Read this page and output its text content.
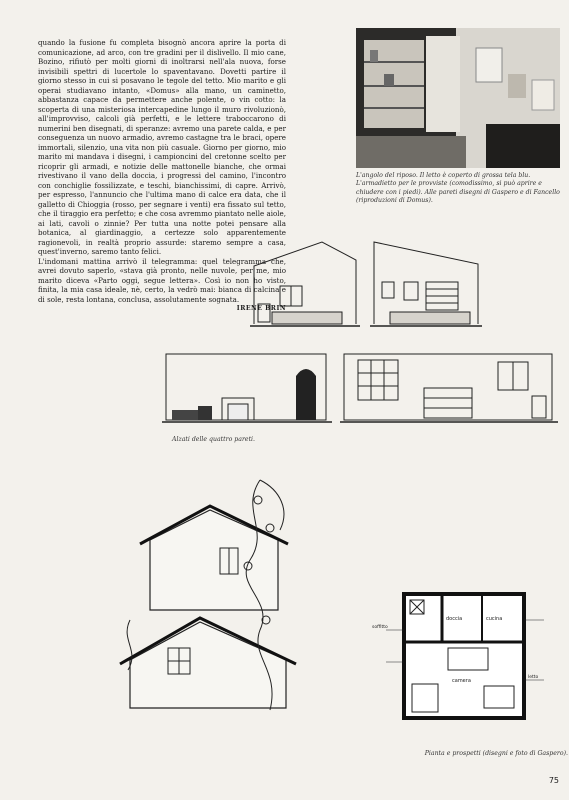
quando la fusione fu completa bisognò ancora aprire la porta di comunicazione, ad arco, con tre gradini per il dislivello. Il mio cane, Bozino, rifiutò per molti giorni di inoltrarsi nell'ala nuova, forse invisibili spettri di lucertole lo spaventavano. Dovetti partire il giorno stesso in cui si posavano le tegole del tetto. Mio marito e gli operai studiavano intanto, «Domus» alla mano, un caminetto, abbastanza capace da permettere anche polente, o vin cotto: la scoperta di una misteriosa intercapedine lungo il muro rivoluzionò, all'improvviso, calcoli già perfetti, e le lettere traboccarono di numerini ben disegnati, di speranze: avremo una parete calda, e per conseguenza un nuovo armadio, avremo castagne tra le braci, opere immortali, silenzio, una vita non più casuale. Giorno per giorno, mio marito mi mandava i disegni, i campioncini del cretonne scelto per ricoprir gli armadi, e notizie delle mattonelle bianche, che ormai rivestivano il vano della doccia, i progressi del camino, l'incontro con conchiglie fossilizzate, e teschi, bianchissimi, di capre. Arrivò, per espresso, l'annuncio che l'ultima mano di calce era data, che il galletto di Chioggia (rosso, per segnare i venti) era fissato sul tetto, che il tiraggio era perfetto; e che cosa avremmo piantato nelle aiole, ai lati, cavoli o zinnie? Per tutta una notte potei pensare alla botanica, al giardinaggio, a certezze solo apparentemente ragionevoli, in realtà proprio assurde: staremo sempre a casa, quest'inverno, saremo tanto felici.

L'indomani mattina arrivò il telegramma: quel telegramma che, avrei dovuto saperlo, «stava già pronto, nelle nuvole, per me, mio marito diceva «Parto oggi, segue lettera». Così io non ho visto, finita, la mia casa ideale, nè, certo, la vedrò mai: bianca di calcina e di sole, resta lontana, conclusa, assolutamente sognata.

IRENE BRIN
L'angolo del riposo. Il letto è coperto di grossa tela blu. L'armadietto per le provviste (comodissimo, si può aprire e chiudere con i piedi). Alle pareti disegni di Gaspero e di Fancello (riproduzioni di Domus).
Alzati delle quattro pareti.
doccia	cucina
camera
soffitto
letto
Pianta e prospetti (disegni e foto di Gaspero).
75
